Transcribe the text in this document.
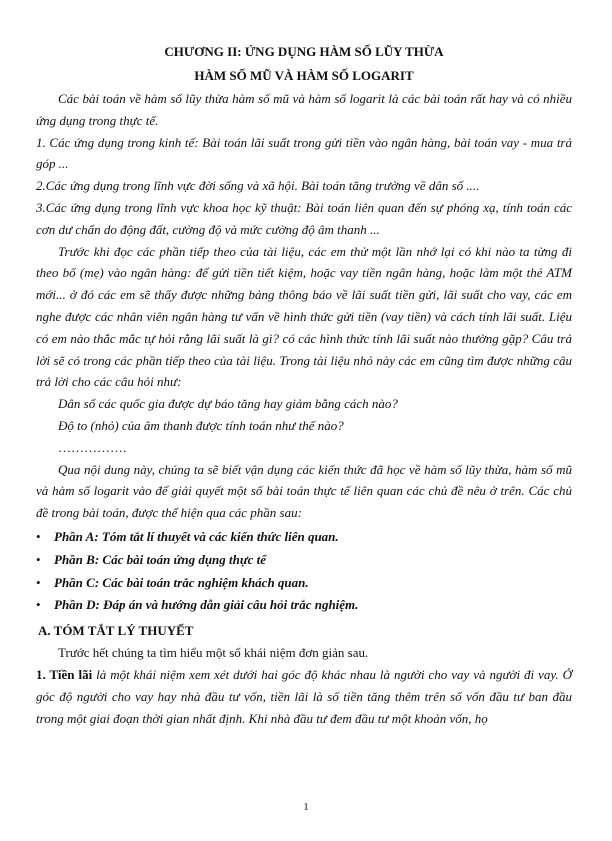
CHƯƠNG II: ỨNG DỤNG HÀM SỐ LŨY THỪA
HÀM SỐ MŨ VÀ HÀM SỐ LOGARIT

Các bài toán về hàm số lũy thừa hàm số mũ và hàm số logarit là các bài toán rất hay và có nhiều ứng dụng trong thực tế.

1. Các ứng dụng trong kinh tế: Bài toán lãi suất trong gửi tiền vào ngân hàng, bài toán vay - mua trả góp ...

2.Các ứng dụng trong lĩnh vực đời sống và xã hội. Bài toán tăng trưởng về dân số ....

3.Các ứng dụng trong lĩnh vực khoa học kỹ thuật: Bài toán liên quan đến sự phóng xạ, tính toán các cơn dư chấn do động đất, cường độ và mức cường độ âm thanh ...

Trước khi đọc các phần tiếp theo của tài liệu, các em thử một lần nhớ lại có khi nào ta từng đi theo bố (mẹ) vào ngân hàng: để gửi tiền tiết kiệm, hoặc vay tiền ngân hàng, hoặc làm một thẻ ATM mới... ở đó các em sẽ thấy được những bảng thông báo về lãi suất tiền gửi, lãi suất cho vay, các em nghe được các nhân viên ngân hàng tư vấn về hình thức gửi tiền (vay tiền) và cách tính lãi suất. Liệu có em nào thắc mắc tự hỏi rằng lãi suất là gì? có các hình thức tính lãi suất nào thường gặp? Câu trả lời sẽ có trong các phần tiếp theo của tài liệu. Trong tài liệu nhỏ này các em cũng tìm được những câu trả lời cho các câu hỏi như:

Dân số các quốc gia được dự báo tăng hay giảm bằng cách nào?

Độ to (nhỏ) của âm thanh được tính toán như thế nào?

…………….

Qua nội dung này, chúng ta sẽ biết vận dụng các kiến thức đã học về hàm số lũy thừa, hàm số mũ và hàm số logarit vào để giải quyết một số bài toán thực tế liên quan các chủ đề nêu ở trên. Các chủ đề trong bài toán, được thể hiện qua các phần sau:

• Phần A: Tóm tắt lí thuyết và các kiến thức liên quan.
• Phần B: Các bài toán ứng dụng thực tế
• Phần C: Các bài toán trắc nghiệm khách quan.
• Phần D: Đáp án và hướng dẫn giải câu hỏi trắc nghiệm.
A. TÓM TẮT LÝ THUYẾT

Trước hết chúng ta tìm hiểu một số khái niệm đơn giản sau.

1. Tiền lãi là một khái niệm xem xét dưới hai góc độ khác nhau là người cho vay và người đi vay. Ở góc độ người cho vay hay nhà đầu tư vốn, tiền lãi là số tiền tăng thêm trên số vốn đầu tư ban đầu trong một giai đoạn thời gian nhất định. Khi nhà đầu tư đem đầu tư một khoản vốn, họ

1
